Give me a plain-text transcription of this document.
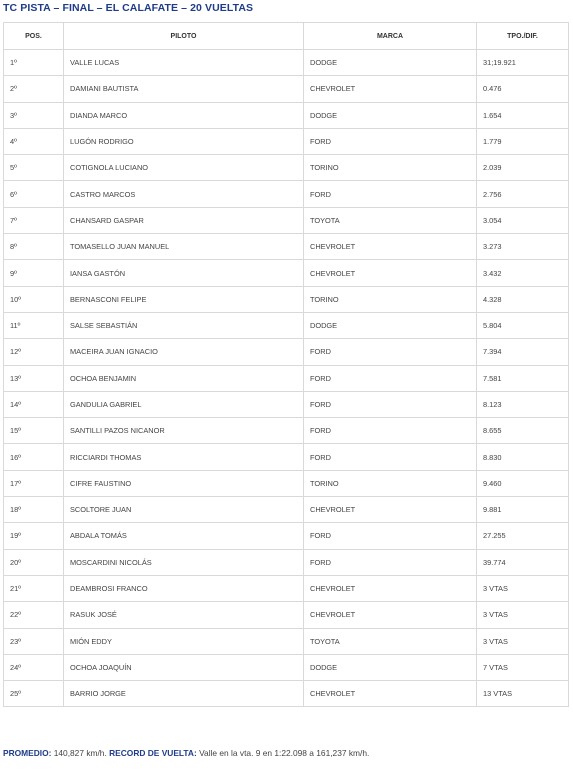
TC PISTA – FINAL – EL CALAFATE – 20 VUELTAS
POS.	PILOTO	MARCA	TPO./DIF.
1º	VALLE LUCAS	DODGE	31;19.921
2º	DAMIANI BAUTISTA	CHEVROLET	0.476
3º	DIANDA MARCO	DODGE	1.654
4º	LUGÓN RODRIGO	FORD	1.779
5º	COTIGNOLA LUCIANO	TORINO	2.039
6º	CASTRO MARCOS	FORD	2.756
7º	CHANSARD GASPAR	TOYOTA	3.054
8º	TOMASELLO JUAN MANUEL	CHEVROLET	3.273
9º	IANSA GASTÓN	CHEVROLET	3.432
10º	BERNASCONI FELIPE	TORINO	4.328
11º	SALSE SEBASTIÁN	DODGE	5.804
12º	MACEIRA JUAN IGNACIO	FORD	7.394
13º	OCHOA BENJAMIN	FORD	7.581
14º	GANDULIA GABRIEL	FORD	8.123
15º	SANTILLI PAZOS NICANOR	FORD	8.655
16º	RICCIARDI THOMAS	FORD	8.830
17º	CIFRE FAUSTINO	TORINO	9.460
18º	SCOLTORE JUAN	CHEVROLET	9.881
19º	ABDALA TOMÁS	FORD	27.255
20º	MOSCARDINI NICOLÁS	FORD	39.774
21º	DEAMBROSI FRANCO	CHEVROLET	3 VTAS
22º	RASUK JOSÉ	CHEVROLET	3 VTAS
23º	MIÓN EDDY	TOYOTA	3 VTAS
24º	OCHOA JOAQUÍN	DODGE	7 VTAS
25º	BARRIO JORGE	CHEVROLET	13 VTAS
PROMEDIO: 140,827 km/h. RECORD DE VUELTA: Valle en la vta. 9 en 1:22.098 a 161,237 km/h.
